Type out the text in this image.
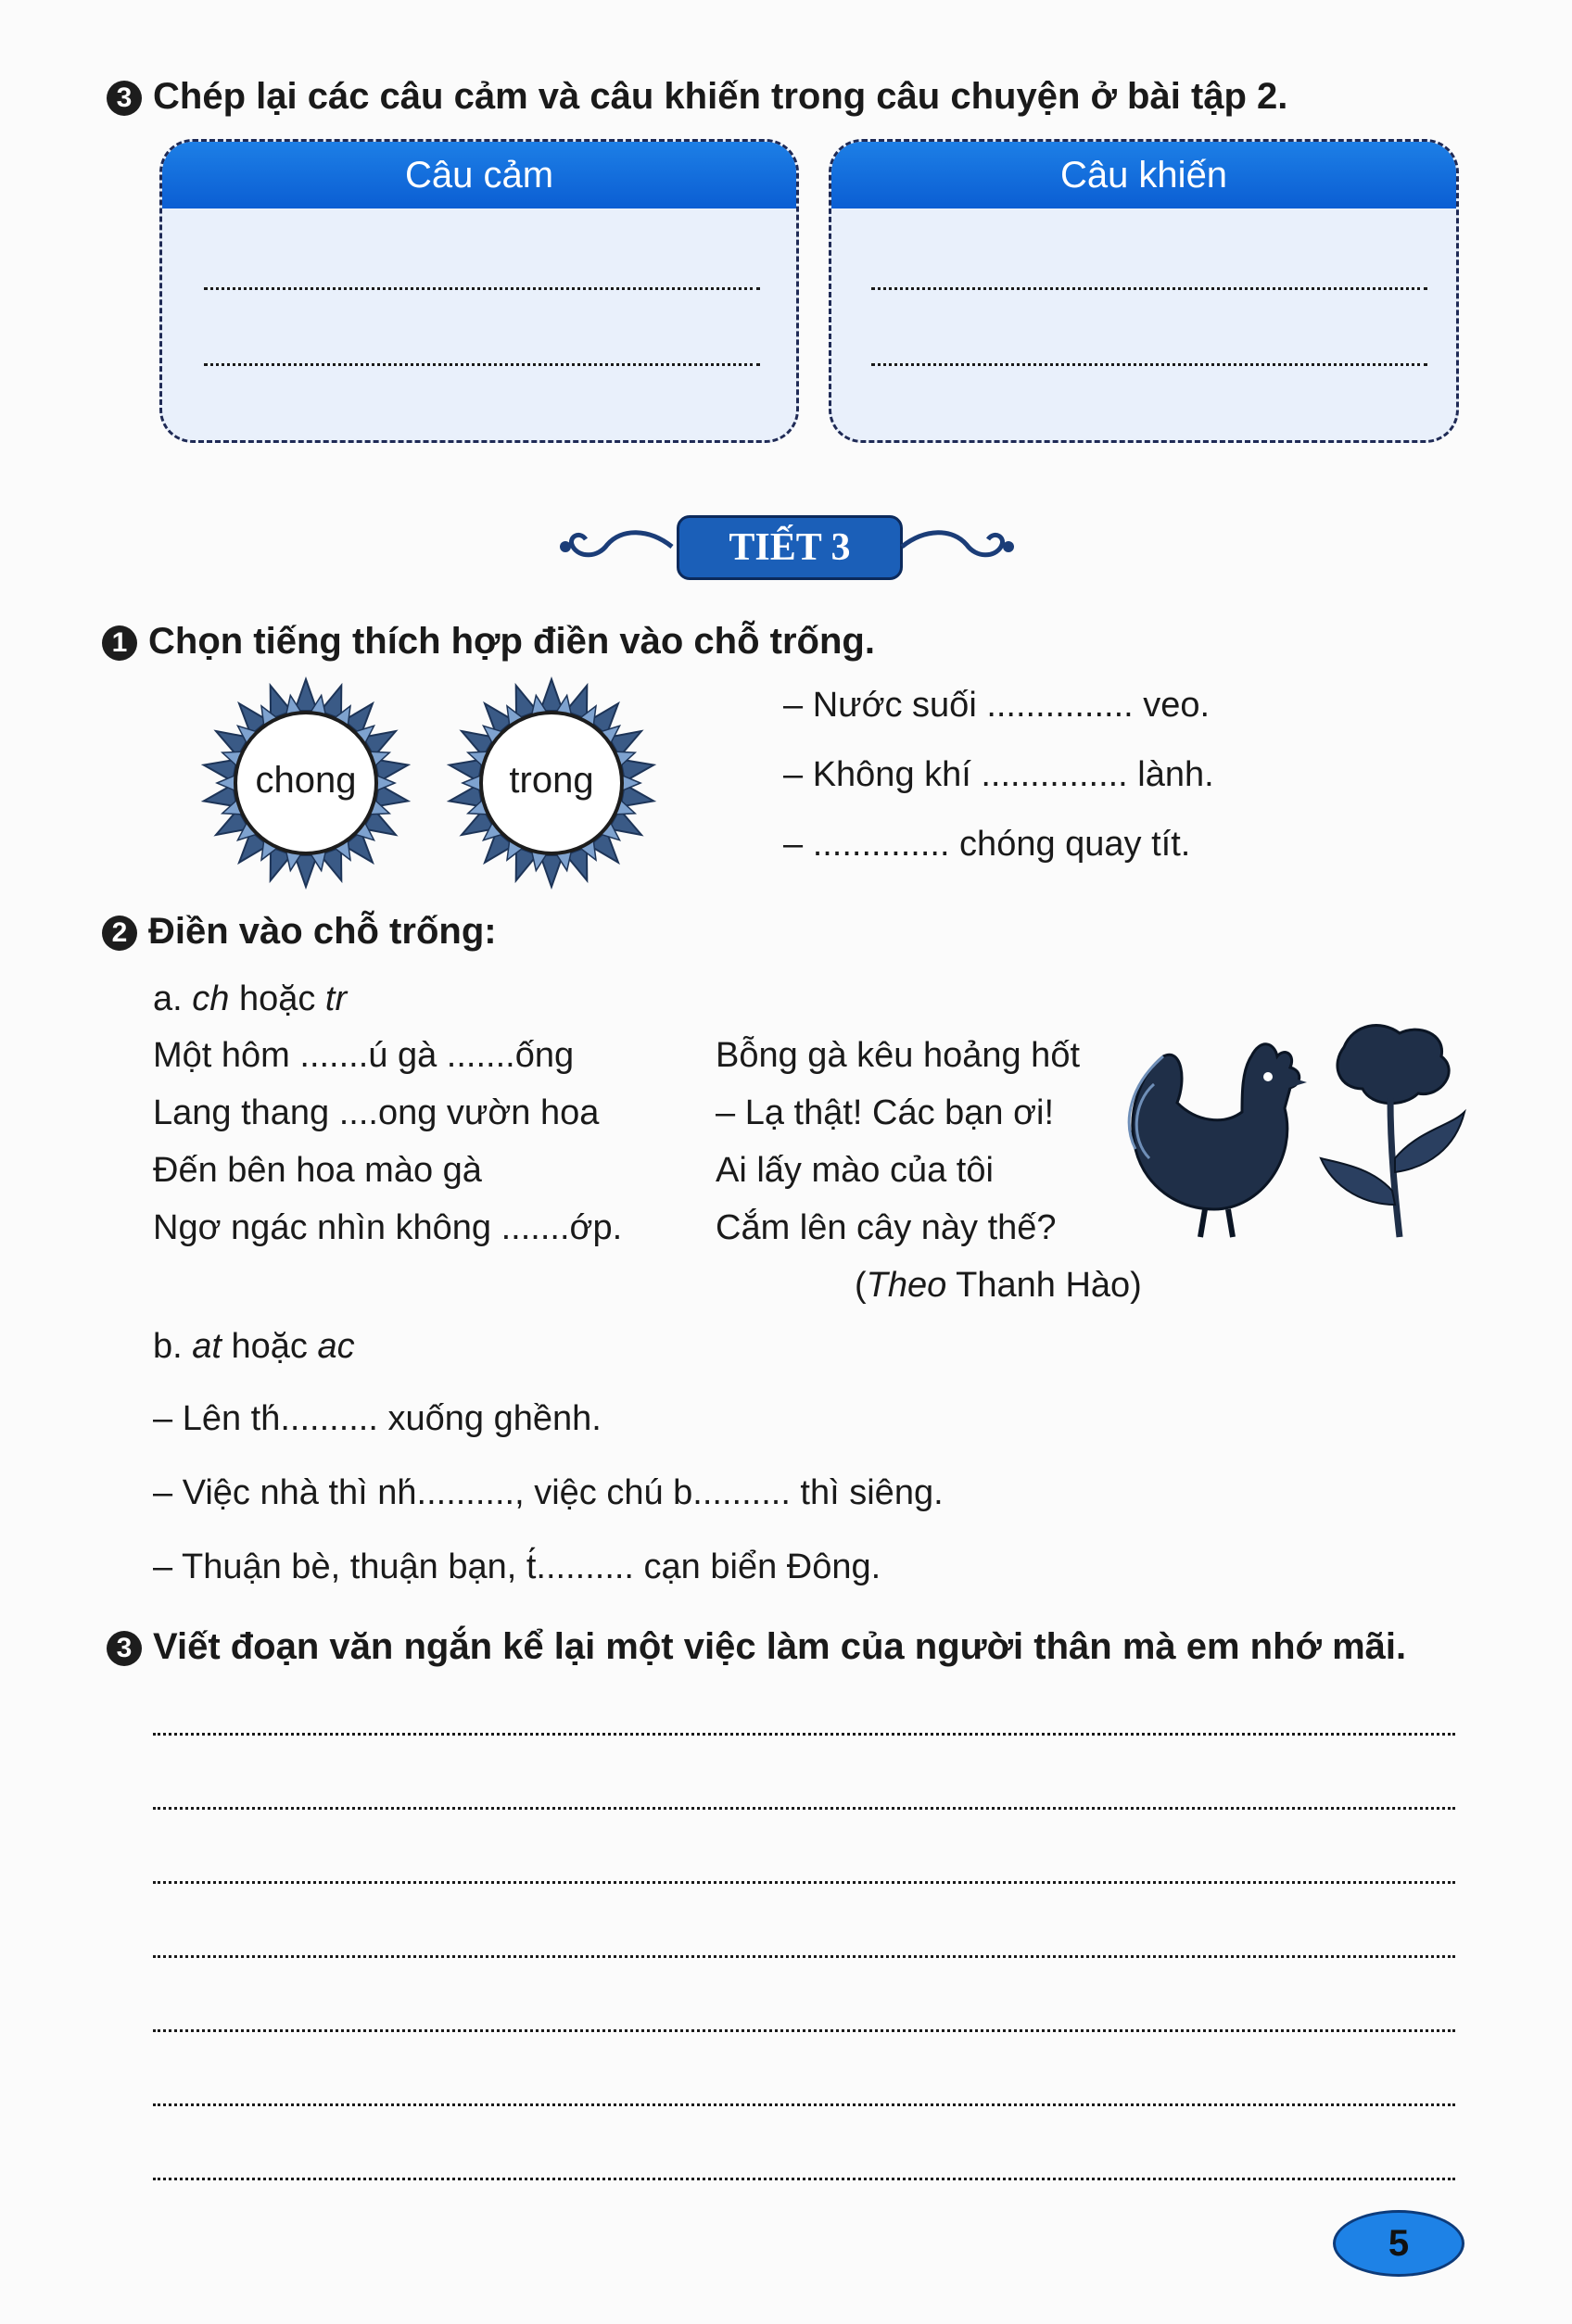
3 Chép lại các câu cảm và câu khiến trong câu chuyện ở bài tập 2.
Câu cảm	Câu khiến
TIẾT 3
1 Chọn tiếng thích hợp điền vào chỗ trống.
chong	trong
– Nước suối ............... veo.
– Không khí ............... lành.
– .............. chóng quay tít.
2 Điền vào chỗ trống:
a. ch hoặc tr
Một hôm .......ú gà .......ống
Lang thang ....ong vườn hoa
Đến bên hoa mào gà
Ngơ ngác nhìn không .......ớp.
Bỗng gà kêu hoảng hốt
– Lạ thật! Các bạn ơi!
Ai lấy mào của tôi
Cắm lên cây này thế?
(Theo Thanh Hào)
b. at hoặc ac
– Lên th́.......... xuống ghềnh.
– Việc nhà thì nh́.........., việc chú b.......... thì siêng.
– Thuận bè, thuận bạn, t́.......... cạn biển Đông.
3 Viết đoạn văn ngắn kể lại một việc làm của người thân mà em nhớ mãi.
5
